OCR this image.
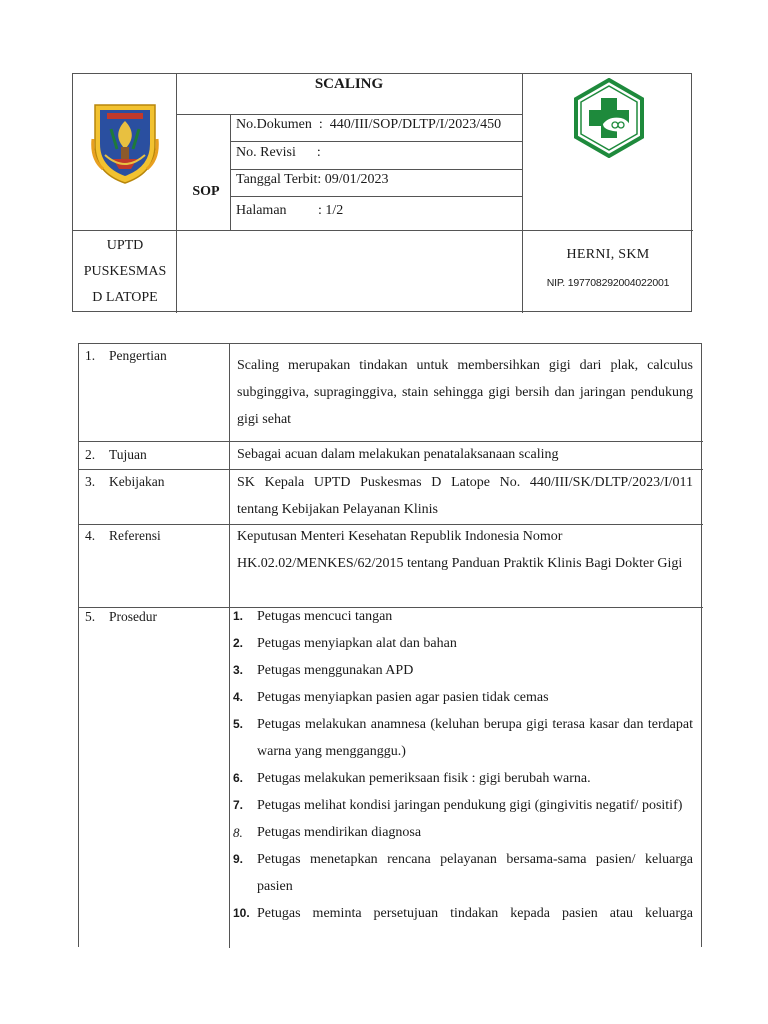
SCALING
SOP
No.Dokumen : 440/III/SOP/DLTP/I/2023/450
No. Revisi :
Tanggal Terbit: 09/01/2023
Halaman : 1/2
UPTD
PUSKESMAS
D LATOPE
HERNI, SKM
NIP. 197708292004022001
1. Pengertian
2. Tujuan
3. Kebijakan
4. Referensi
5. Prosedur
Scaling merupakan tindakan untuk membersihkan gigi dari plak, calculus subginggiva, supraginggiva, stain sehingga gigi bersih dan jaringan pendukung gigi sehat
Sebagai acuan dalam melakukan penatalaksanaan scaling
SK Kepala UPTD Puskesmas D Latope No. 440/III/SK/DLTP/2023/I/011 tentang Kebijakan Pelayanan Klinis
Keputusan Menteri Kesehatan Republik Indonesia Nomor HK.02.02/MENKES/62/2015 tentang Panduan Praktik Klinis Bagi Dokter Gigi
1. Petugas mencuci tangan
2. Petugas menyiapkan alat dan bahan
3. Petugas menggunakan APD
4. Petugas menyiapkan pasien agar pasien tidak cemas
5. Petugas melakukan anamnesa (keluhan berupa gigi terasa kasar dan terdapat warna yang mengganggu.)
6. Petugas melakukan pemeriksaan fisik : gigi berubah warna.
7. Petugas melihat kondisi jaringan pendukung gigi (gingivitis negatif/ positif)
8.	Petugas mendirikan diagnosa
9. Petugas menetapkan rencana pelayanan bersama-sama pasien/ keluarga pasien
10. Petugas meminta persetujuan tindakan kepada pasien atau keluarga
